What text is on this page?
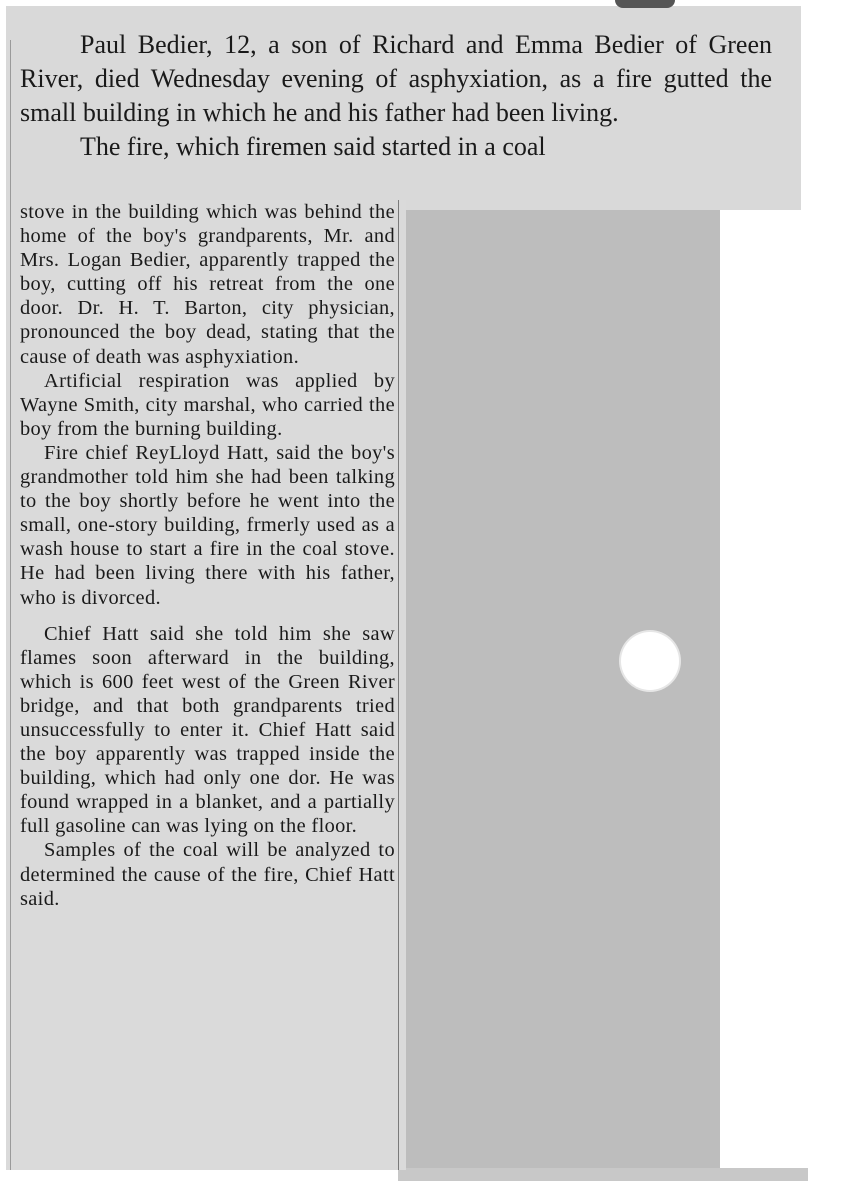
Paul Bedier, 12, a son of Richard and Emma Bedier of Green River, died Wednesday evening of asphyxiation, as a fire gutted the small building in which he and his father had been living.

The fire, which firemen said started in a coal

stove in the building which was behind the home of the boy's grandparents, Mr. and Mrs. Logan Bedier, apparently trapped the boy, cutting off his retreat from the one door. Dr. H. T. Barton, city physician, pronounced the boy dead, stating that the cause of death was asphyxiation.

Artificial respiration was applied by Wayne Smith, city marshal, who carried the boy from the burning building.

Fire chief ReyLloyd Hatt, said the boy's grandmother told him she had been talking to the boy shortly before he went into the small, one-story building, frmerly used as a wash house to start a fire in the coal stove. He had been living there with his father, who is divorced.

Chief Hatt said she told him she saw flames soon afterward in the building, which is 600 feet west of the Green River bridge, and that both grandparents tried unsuccessfully to enter it. Chief Hatt said the boy apparently was trapped inside the building, which had only one dor. He was found wrapped in a blanket, and a partially full gasoline can was lying on the floor.

Samples of the coal will be analyzed to determined the cause of the fire, Chief Hatt said.
